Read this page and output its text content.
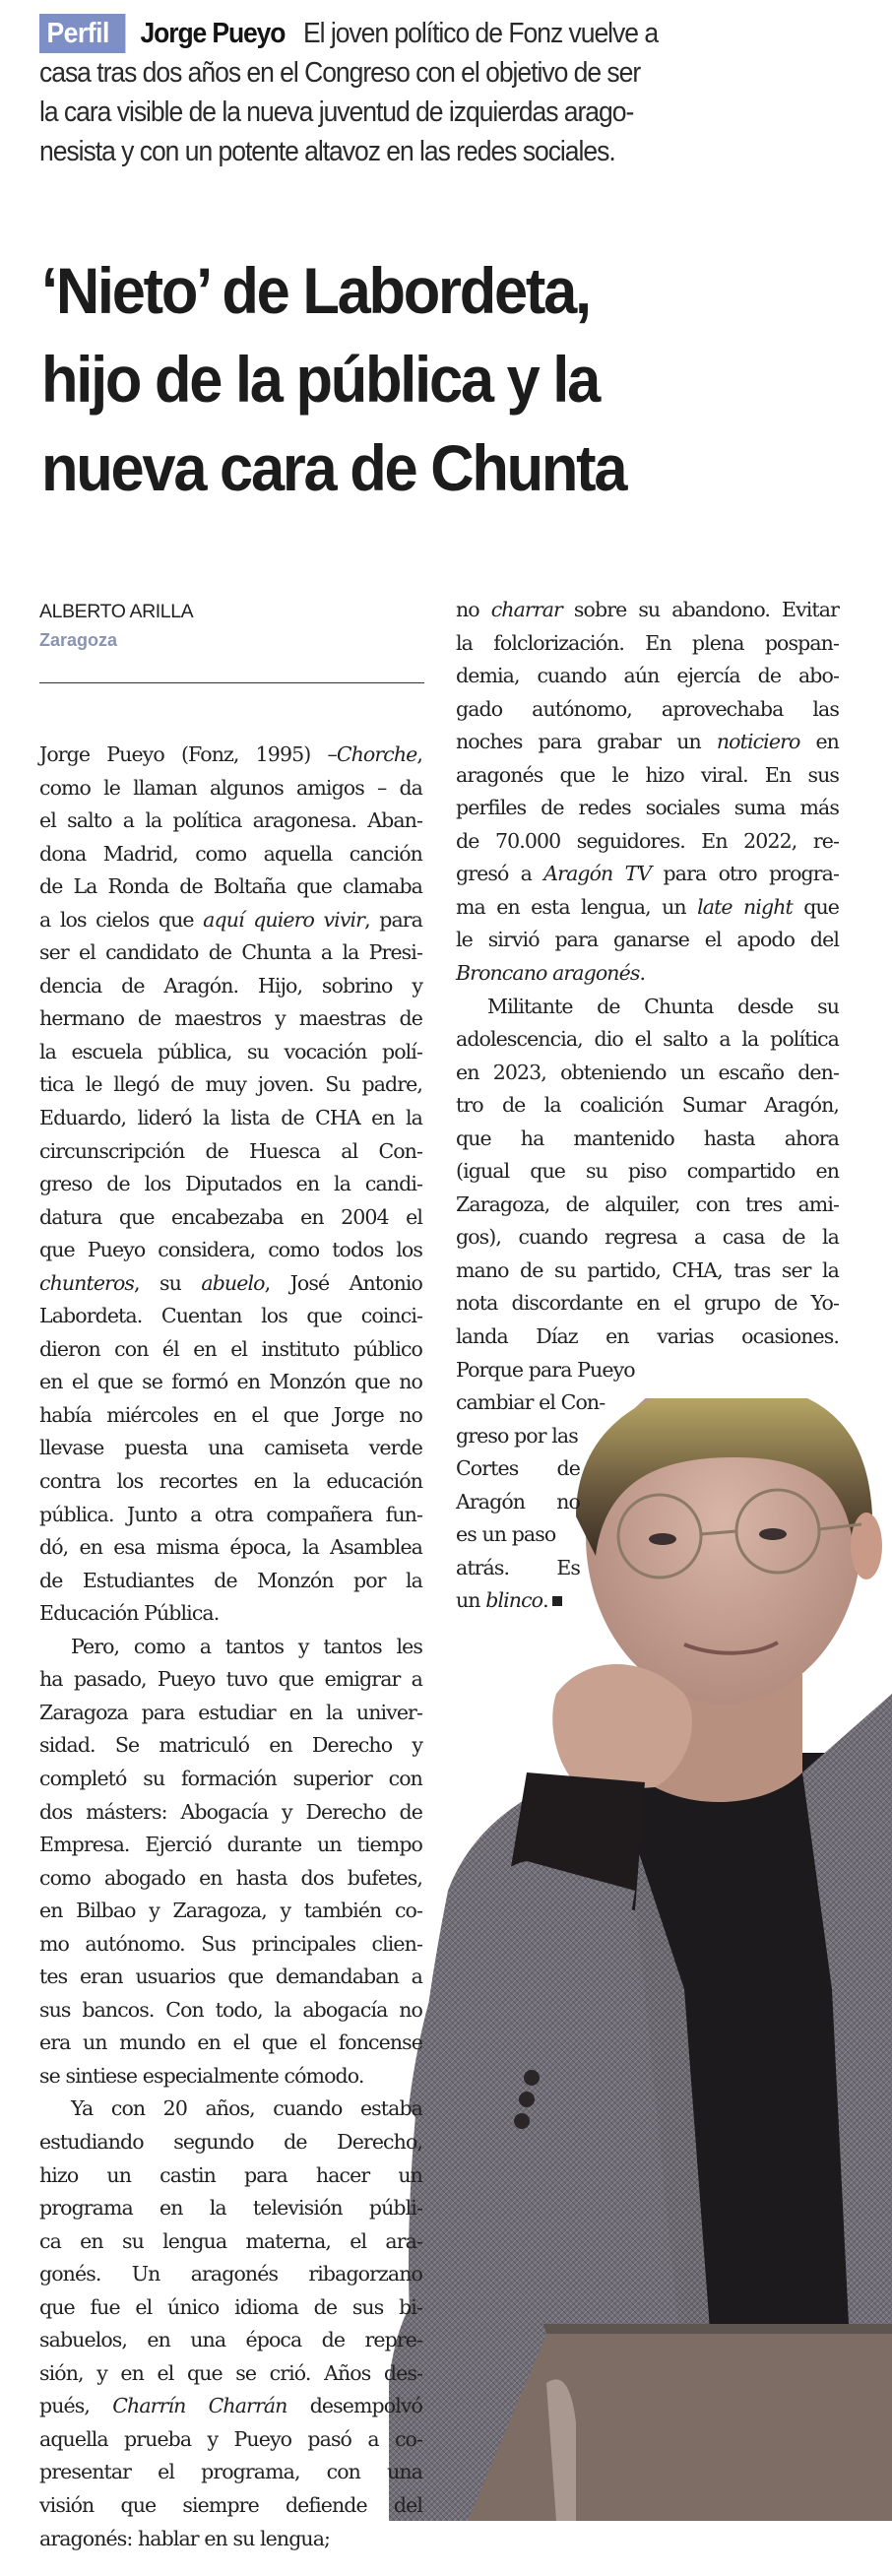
Perfil Jorge Pueyo El joven político de Fonz vuelve a
casa tras dos años en el Congreso con el objetivo de ser
la cara visible de la nueva juventud de izquierdas arago-
nesista y con un potente altavoz en las redes sociales.
‘Nieto’ de Labordeta,
hijo de la pública y la
nueva cara de Chunta
ALBERTO ARILLA
Zaragoza
Jorge Pueyo (Fonz, 1995) –Chorche,
como le llaman algunos amigos – da
el salto a la política aragonesa. Aban-
dona Madrid, como aquella canción
de La Ronda de Boltaña que clamaba
a los cielos que aquí quiero vivir, para
ser el candidato de Chunta a la Presi-
dencia de Aragón. Hijo, sobrino y
hermano de maestros y maestras de
la escuela pública, su vocación polí-
tica le llegó de muy joven. Su padre,
Eduardo, lideró la lista de CHA en la
circunscripción de Huesca al Con-
greso de los Diputados en la candi-
datura que encabezaba en 2004 el
que Pueyo considera, como todos los
chunteros, su abuelo, José Antonio
Labordeta. Cuentan los que coinci-
dieron con él en el instituto público
en el que se formó en Monzón que no
había miércoles en el que Jorge no
llevase puesta una camiseta verde
contra los recortes en la educación
pública. Junto a otra compañera fun-
dó, en esa misma época, la Asamblea
de Estudiantes de Monzón por la
Educación Pública.
Pero, como a tantos y tantos les
ha pasado, Pueyo tuvo que emigrar a
Zaragoza para estudiar en la univer-
sidad. Se matriculó en Derecho y
completó su formación superior con
dos másters: Abogacía y Derecho de
Empresa. Ejerció durante un tiempo
como abogado en hasta dos bufetes,
en Bilbao y Zaragoza, y también co-
mo autónomo. Sus principales clien-
tes eran usuarios que demandaban a
sus bancos. Con todo, la abogacía no
era un mundo en el que el foncense
se sintiese especialmente cómodo.
Ya con 20 años, cuando estaba
estudiando segundo de Derecho,
hizo un castin para hacer un
programa en la televisión públi-
ca en su lengua materna, el ara-
gonés. Un aragonés ribagorzano
que fue el único idioma de sus bi-
sabuelos, en una época de repre-
sión, y en el que se crió. Años des-
pués, Charrín Charrán desempolvó
aquella prueba y Pueyo pasó a co-
presentar el programa, con una
visión que siempre defiende del
aragonés: hablar en su lengua;
no charrar sobre su abandono. Evitar
la folclorización. En plena pospan-
demia, cuando aún ejercía de abo-
gado autónomo, aprovechaba las
noches para grabar un noticiero en
aragonés que le hizo viral. En sus
perfiles de redes sociales suma más
de 70.000 seguidores. En 2022, re-
gresó a Aragón TV para otro progra-
ma en esta lengua, un late night que
le sirvió para ganarse el apodo del
Broncano aragonés.
Militante de Chunta desde su
adolescencia, dio el salto a la política
en 2023, obteniendo un escaño den-
tro de la coalición Sumar Aragón,
que ha mantenido hasta ahora
(igual que su piso compartido en
Zaragoza, de alquiler, con tres ami-
gos), cuando regresa a casa de la
mano de su partido, CHA, tras ser la
nota discordante en el grupo de Yo-
landa Díaz en varias ocasiones.
Porque para Pueyo
cambiar el Con-
greso por las
Cortes de
Aragón no
es un paso
atrás. Es
un blinco.
